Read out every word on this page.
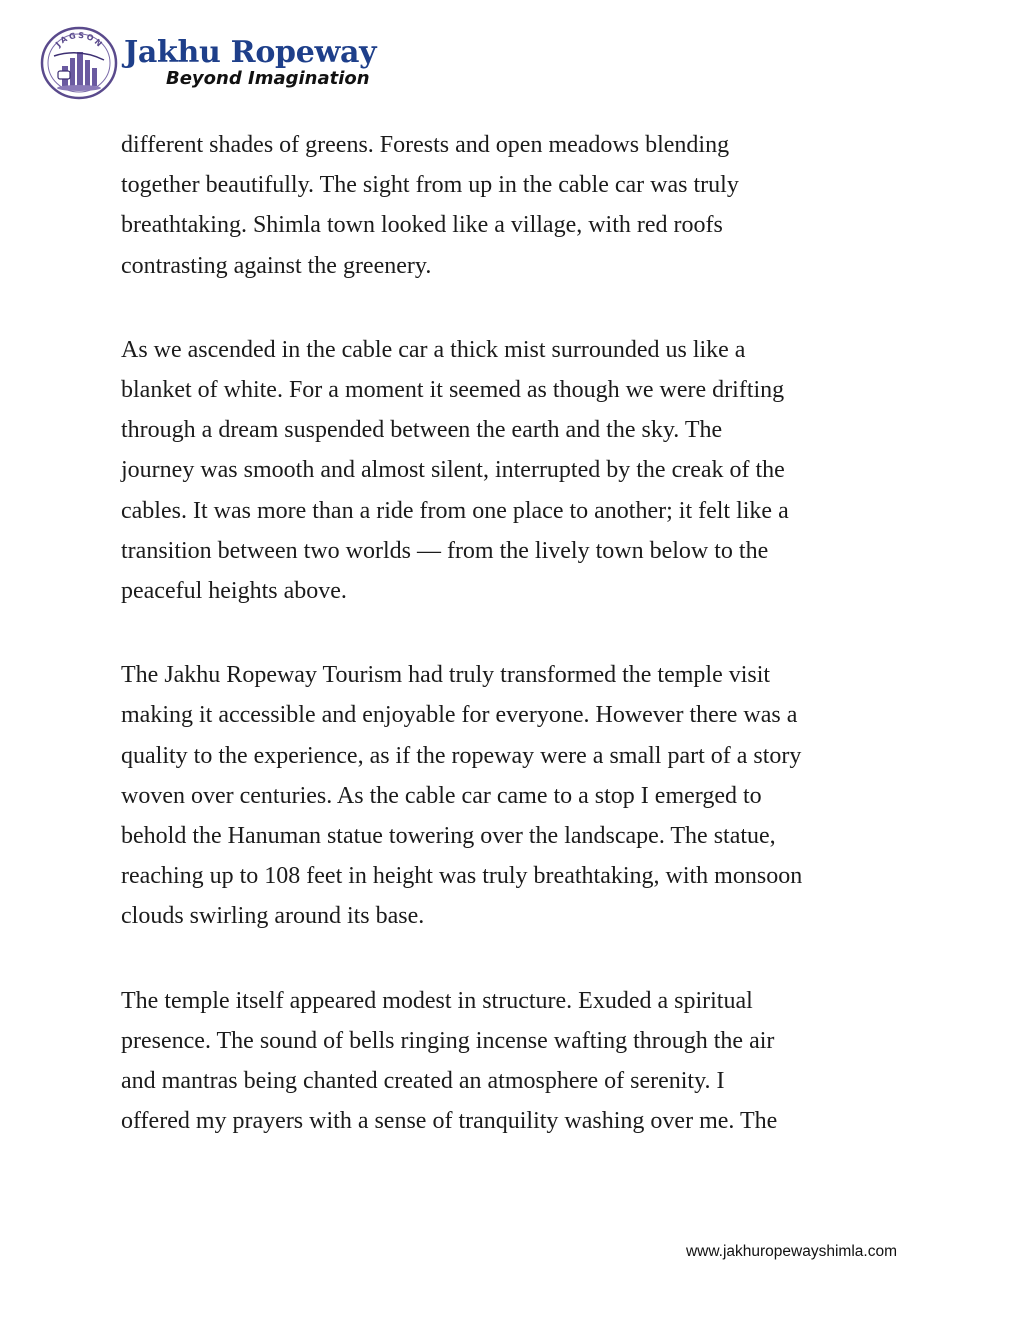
JAGSON Jakhu Ropeway
Beyond Imagination

different shades of greens. Forests and open meadows blending
together beautifully. The sight from up in the cable car was truly
breathtaking. Shimla town looked like a village, with red roofs
contrasting against the greenery.

As we ascended in the cable car a thick mist surrounded us like a
blanket of white. For a moment it seemed as though we were drifting
through a dream suspended between the earth and the sky. The
journey was smooth and almost silent, interrupted by the creak of the
cables. It was more than a ride from one place to another; it felt like a
transition between two worlds — from the lively town below to the
peaceful heights above.

The Jakhu Ropeway Tourism had truly transformed the temple visit
making it accessible and enjoyable for everyone. However there was a
quality to the experience, as if the ropeway were a small part of a story
woven over centuries. As the cable car came to a stop I emerged to
behold the Hanuman statue towering over the landscape. The statue,
reaching up to 108 feet in height was truly breathtaking, with monsoon
clouds swirling around its base.

The temple itself appeared modest in structure. Exuded a spiritual
presence. The sound of bells ringing incense wafting through the air
and mantras being chanted created an atmosphere of serenity. I
offered my prayers with a sense of tranquility washing over me. The

www.jakhuropewayshimla.com
